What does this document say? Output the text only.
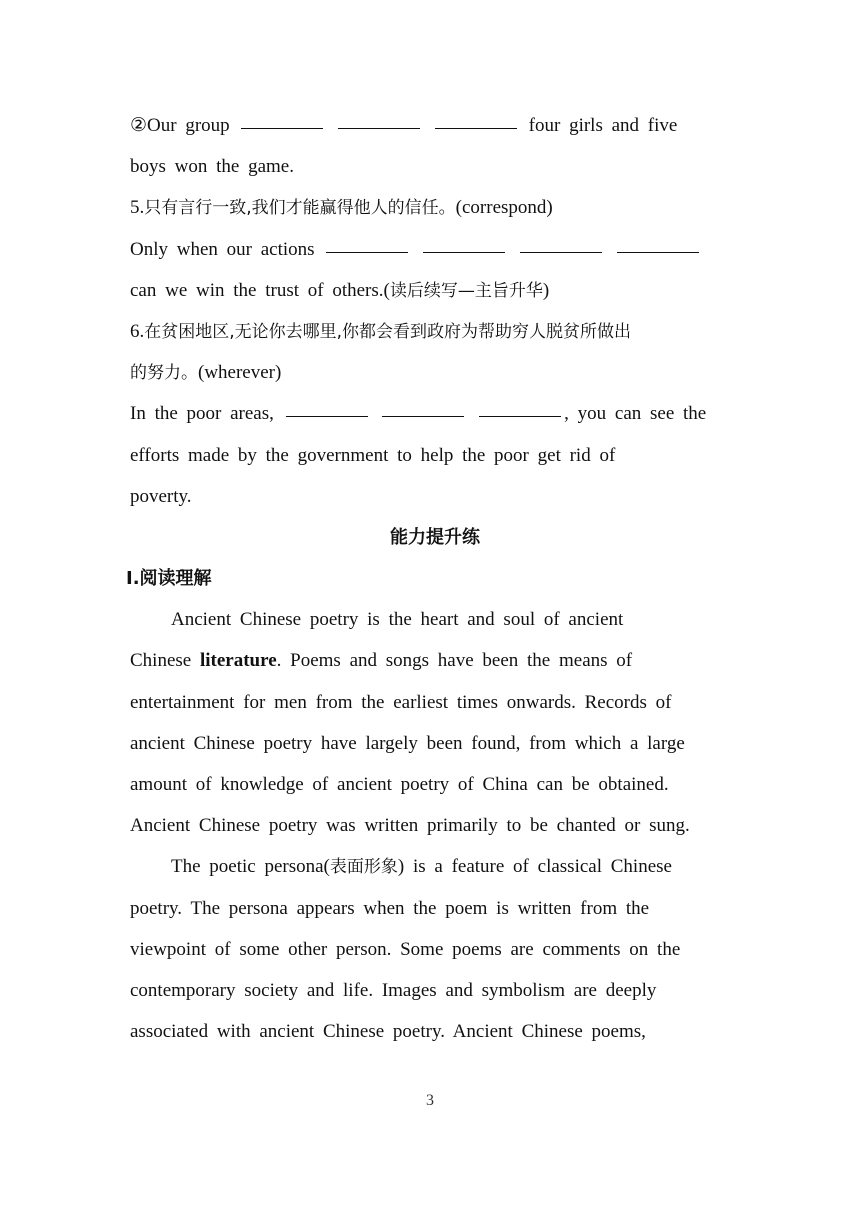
②Our group	four girls and five
boys won the game.
5.只有言行一致,我们才能赢得他人的信任。(correspond)
Only when our actions
can we win the trust of others.(读后续写—主旨升华)
6.在贫困地区,无论你去哪里,你都会看到政府为帮助穷人脱贫所做出
的努力。(wherever)
In the poor areas,	, you can see the
efforts made by the government to help the poor get rid of
poverty.
能力提升练
Ⅰ.阅读理解
Ancient Chinese poetry is the heart and soul of ancient
Chinese literature. Poems and songs have been the means of
entertainment for men from the earliest times onwards. Records of
ancient Chinese poetry have largely been found, from which a large
amount of knowledge of ancient poetry of China can be obtained.
Ancient Chinese poetry was written primarily to be chanted or sung.
The poetic persona(表面形象) is a feature of classical Chinese
poetry. The persona appears when the poem is written from the
viewpoint of some other person. Some poems are comments on the
contemporary society and life. Images and symbolism are deeply
associated with ancient Chinese poetry. Ancient Chinese poems,
3
